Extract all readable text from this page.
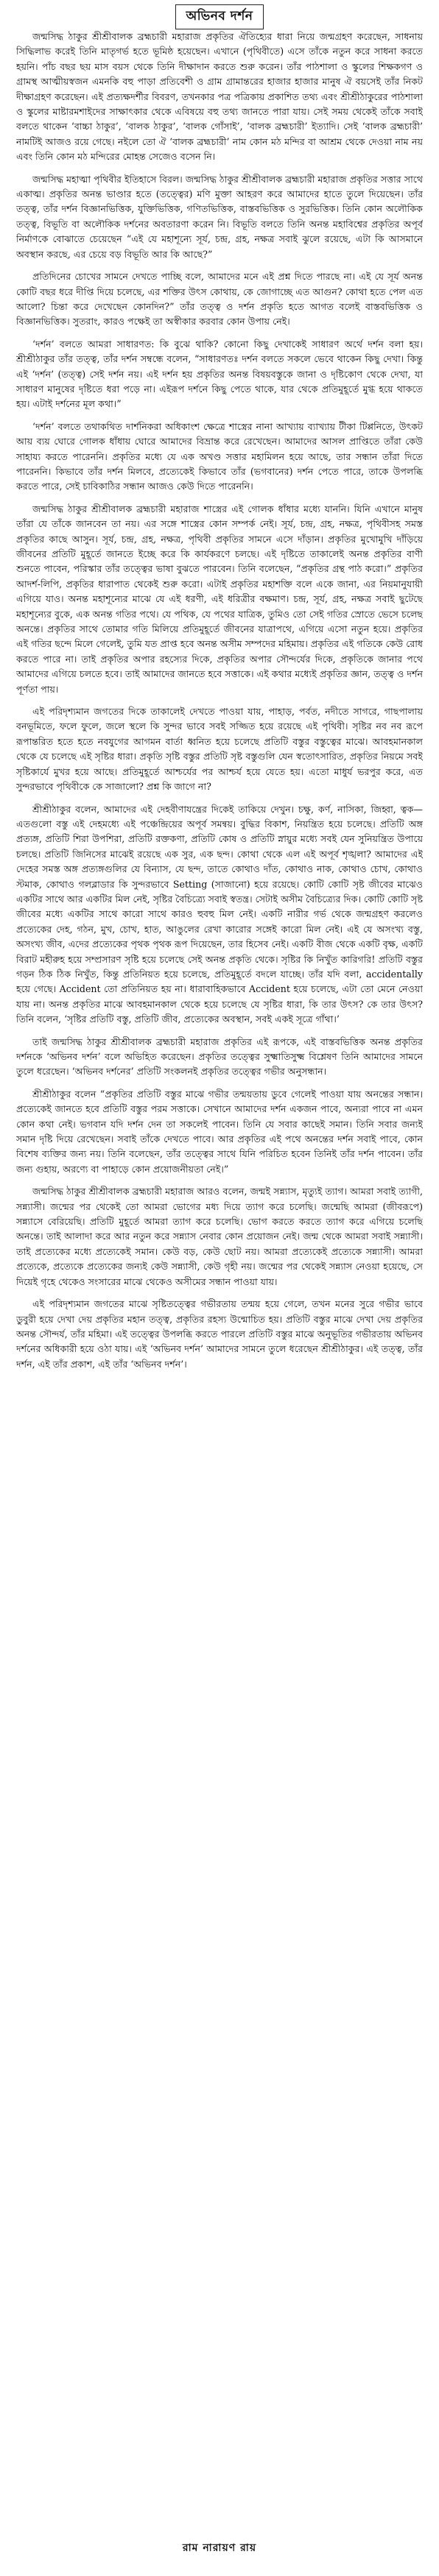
অভিনব দর্শন

জন্মসিদ্ধ ঠাকুর শ্রীশ্রীবালক ব্রহ্মচারী মহারাজ প্রকৃতির ঐতিহ্যের ধারা নিয়ে জন্মগ্রহণ করেছেন, সাধনায় সিদ্ধিলাভ করেই তিনি মাতৃগর্ভ হতে ভূমিষ্ঠ হয়েছেন। এখানে (পৃথিবীতে) এসে তাঁকে নতুন করে সাধনা করতে হয়নি। পাঁচ বছর ছয় মাস বয়স থেকে তিনি দীক্ষাদান করতে শুরু করেন। তাঁর পাঠশালা ও স্কুলের শিক্ষকগণ ও গ্রামস্থ আত্মীয়স্বজন এমনকি বহু পাড়া প্রতিবেশী ও গ্রাম গ্রামান্তরের হাজার হাজার মানুষ ঐ বয়সেই তাঁর নিকট দীক্ষাগ্রহণ করেছেন। এই প্রত্যক্ষদর্শীর বিবরণ, তখনকার পত্র পত্রিকায় প্রকাশিত তথ্য এবং শ্রীশ্রীঠাকুরের পাঠশালা ও স্কুলের মাষ্টারমশাইদের সাক্ষাৎকার থেকে এবিষয়ে বহু তথ্য জানতে পারা যায়। সেই সময় থেকেই তাঁকে সবাই বলতে থাকেন ‘বাচ্চা ঠাকুর’, ‘বালক ঠাকুর’, ‘বালক গোঁসাই’, ‘বালক ব্রহ্মচারী’ ইত্যাদি। সেই ‘বালক ব্রহ্মচারী’ নামটিই আজও রয়ে গেছে। নইলে তো ঐ ‘বালক ব্রহ্মচারী’ নাম কোন মঠ মন্দির বা আশ্রম থেকে দেওয়া নাম নয় এবং তিনি কোন মঠ মন্দিরের মোহন্ত সেজেও বসেন নি।

জন্মসিদ্ধ মহাত্মা পৃথিবীর ইতিহাসে বিরল। জন্মসিদ্ধ ঠাকুর শ্রীশ্রীবালক ব্রহ্মচারী মহারাজ প্রকৃতির সত্তার সাথে একাত্ম। প্রকৃতির অনন্ত ভাণ্ডার হতে (তত্ত্বের) মণি মুক্তা আহরণ করে আমাদের হাতে তুলে দিয়েছেন। তাঁর তত্ত্ব, তাঁর দর্শন বিজ্ঞানভিত্তিক, যুক্তিভিত্তিক, গণিতভিত্তিক, বাস্তবভিত্তিক ও সুরভিত্তিক। তিনি কোন অলৌকিক তত্ত্ব, বিভূতি বা অলৌকিক দর্শনের অবতারণা করেন নি। বিভূতি বলতে তিনি অনন্ত মহাবিশ্বের প্রকৃতির অপূর্ব নির্মাণকে বোঝাতে চেয়েছেন “এই যে মহাশূন্যে সূর্য, চন্দ্র, গ্রহ, নক্ষত্র সবাই ঝুলে রয়েছে, এটা কি আসমানে অবস্থান করছে, এর চেয়ে বড় বিভূতি আর কি আছে?”

প্রতিদিনের চোখের সামনে দেখতে পাচ্ছি বলে, আমাদের মনে এই প্রশ্ন দিতে পারছে না। এই যে সূর্য অনন্ত কোটি বছর ধরে দীপ্তি দিয়ে চলেছে, এর শক্তির উৎস কোথায়, কে জোগাচ্ছে এত আগুন? কোথা হতে পেল এত আলো? চিন্তা করে দেখেছেন কোনদিন?” তাঁর তত্ত্ব ও দর্শন প্রকৃতি হতে আগত বলেই বাস্তবভিত্তিক ও বিজ্ঞানভিত্তিক। সুতরাং, কারও পক্ষেই তা অস্বীকার করবার কোন উপায় নেই।

‘দর্শন’ বলতে আমরা সাধারণত: কি বুঝে থাকি? কোনো কিছু দেখাকেই সাধারণ অর্থে দর্শন বলা হয়। শ্রীশ্রীঠাকুর তাঁর তত্ত্ব, তাঁর দর্শন সম্বন্ধে বলেন, “সাধারণতঃ দর্শন বলতে সকলে ভেবে থাকেন কিছু দেখা। কিন্তু এই ‘দর্শন’ (তত্ত্ব) সেই দর্শন নয়। এই দর্শন হয় প্রকৃতির অনন্ত বিষয়বস্তুকে জানা ও দৃষ্টিকোণ থেকে দেখা, যা সাধারণ মানুষের দৃষ্টিতে ধরা পড়ে না। এইরূপ দর্শনে কিছু পেতে থাকে, যার থেকে প্রতিমুহূর্তে মুগ্ধ হয়ে থাকতে হয়। এটাই দর্শনের মূল কথা।”

‘দর্শন’ বলতে তথাকথিত দার্শনিকরা অধিকাংশ ক্ষেত্রে শাস্ত্রের নানা আখ্যায় ব্যাখ্যায় টীকা টিপ্পনিতে, উৎকট আয় ব্যয় ঘোরে গোলক ধাঁধায় ঘোরে আমাদের বিভ্রান্ত করে রেখেছেন। আমাদের আসল প্রাপ্তিতে তাঁরা কেউ সাহায্য করতে পারেননি। প্রকৃতির মধ্যে যে এক অখণ্ড সত্তার মহামিলন হয়ে আছে, তার সন্ধান তাঁরা দিতে পারেননি। কিভাবে তাঁর দর্শন মিলবে, প্রত্যেকেই কিভাবে তাঁর (ভগবানের) দর্শন পেতে পারে, তাকে উপলব্ধি করতে পারে, সেই চাবিকাঠির সন্ধান আজও কেউ দিতে পারেননি।

জন্মসিদ্ধ ঠাকুর শ্রীশ্রীবালক ব্রহ্মচারী মহারাজ শাস্ত্রের এই গোলক ধাঁধার মধ্যে যাননি। যিনি এখানে মানুষ তাঁরা যে তাঁকে জানবেন তা নয়। এর সঙ্গে শাস্ত্রের কোন সম্পর্ক নেই। সূর্য, চন্দ্র, গ্রহ, নক্ষত্র, পৃথিবীসহ সমস্ত প্রকৃতির কাছে আসুন। সূর্য, চন্দ্র, গ্রহ, নক্ষত্র, পৃথিবী প্রকৃতির সামনে এসে দাঁড়ান। প্রকৃতির মুখোমুখি দাঁড়িয়ে জীবনের প্রতিটি মুহূর্তে জানতে ইচ্ছে করে কি কার্যকরণে চলছে। এই দৃষ্টিতে তাকালেই অনন্ত প্রকৃতির বাণী শুনতে পাবেন, পরিস্কার তাঁর তত্ত্বের ভাষা বুঝতে পারবেন। তিনি বলেছেন, “প্রকৃতির গ্রন্থ পাঠ করো।” প্রকৃতির আদর্শ-লিপি, প্রকৃতির ধারাপাত থেকেই শুরু করো। এটাই প্রকৃতির মহাশক্তি বলে একে জানা, এর নিয়মানুযায়ী এগিয়ে যাও। অনন্ত মহাশূন্যের মাঝে যে এই ধরণী, এই ধরিত্রীর বক্ষমাণ। চন্দ্র, সূর্য, গ্রহ, নক্ষত্র সবাই ছুটেছে মহাশূন্যের বুকে, এক অনন্ত গতির পথে। যে পথিক, যে পথের যাত্রিক, তুমিও তো সেই গতির স্রোতে ভেসে চলেছ অনন্তে। প্রকৃতির সাথে তোমার গতি মিলিয়ে প্রতিমুহূর্তে জীবনের যাত্রাপথে, এগিয়ে এসো নতুন হয়ে। প্রকৃতির এই গতির ছন্দে মিলে গেলেই, তুমি যত প্রাপ্ত হবে অনন্ত অসীম সম্পদের মহিমায়। প্রকৃতির এই গতিকে কেউ রোধ করতে পারে না। তাই প্রকৃতির অপার রহস্যের দিকে, প্রকৃতির অপার সৌন্দর্যের দিকে, প্রকৃতিকে জানার পথে আমাদের এগিয়ে চলতে হবে। তাই আমাদের জানতে হবে সত্তাকে। এই কথার মধ্যেই প্রকৃতির জ্ঞান, তত্ত্ব ও দর্শন পূর্ণতা পায়।

এই পরিদৃশ্যমান জগতের দিকে তাকালেই দেখতে পাওয়া যায়, পাহাড়, পর্বত, নদীতে সাগরে, গাছপালায় বনভূমিতে, ফলে ফুলে, জলে স্থলে কি সুন্দর ভাবে সবই সজ্জিত হয়ে রয়েছে এই পৃথিবী। সৃষ্টির নব নব রূপে রূপান্তরিত হতে হতে নবযুগের আগমন বার্তা ধ্বনিত হয়ে চলেছে প্রতিটি বস্তুর বস্তুত্বের মাঝে। আবহমানকাল থেকে যে চলেছে এই সৃষ্টির ধারা। প্রকৃতি সৃষ্টি বস্তুর প্রতিটি সৃষ্ট বস্তুগুলি যেন স্বতোৎসারিত, প্রকৃতির নিয়মে সবই সৃষ্টিকার্যে মুখর হয়ে আছে। প্রতিমুহূর্তে আশ্চর্যের পর আশ্চর্য হয়ে যেতে হয়। এতো মাধুর্য ভরপুর করে, এত সুন্দরভাবে পৃথিবীকে কে সাজালো? প্রশ্ন কি জাগে না?

শ্রীশ্রীঠাকুর বলেন, আমাদের এই দেহবীণাযন্ত্রের দিকেই তাকিয়ে দেখুন। চক্ষু, কর্ণ, নাসিকা, জিহ্বা, ত্বক—এতগুলো বস্তু এই দেহমধ্যে এই পঞ্চেন্দ্রিয়ের অপূর্ব সমন্বয়। বুদ্ধির বিকাশ, নিয়ন্ত্রিত হয়ে চলেছে। প্রতিটি অঙ্গ প্রত্যঙ্গ, প্রতিটি শিরা উপশিরা, প্রতিটি রক্তকণা, প্রতিটি কোষ ও প্রতিটি স্নায়ুর মধ্যে সবই যেন সুনিয়ন্ত্রিত উপায়ে চলছে। প্রতিটি জিনিসের মাঝেই রয়েছে এক সুর, এক ছন্দ। কোথা থেকে এল এই অপূর্ব শৃঙ্খলা? আমাদের এই দেহের সমস্ত অঙ্গ প্রত্যঙ্গগুলির যে বিন্যাস, যে ছন্দ, তাতে কোথাও দাঁত, কোথাও নাক, কোথাও চোখ, কোথাও স্টমাক, কোথাও গলব্লাডার কি সুন্দরভাবে Setting (সাজানো) হয়ে রয়েছে। কোটি কোটি সৃষ্ট জীবের মাঝেও একটির সাথে আর একটির মিল নেই, সৃষ্টির বৈচিত্র্যে সবাই স্বতন্ত্র। সেটাই অসীম বৈচিত্র্যের দিক। কোটি কোটি সৃষ্ট জীবের মধ্যে একটির সাথে কারো সাথে কারও হুবহু মিল নেই। একটি নারীর গর্ভ থেকে জন্মগ্রহণ করলেও প্রত্যেকের দেহ, গঠন, মুখ, চোখ, হাত, আঙুলের রেখা কারোর সঙ্গেই কারো মিল নেই। এই যে অসংখ্য বস্তু, অসংখ্য জীব, এদের প্রত্যেকের পৃথক পৃথক রূপ দিয়েছেন, তার হিসেব নেই। একটি বীজ থেকে একটি বৃক্ষ, একটি বিরাট মহীরুহ হয়ে সম্প্রসারণ সৃষ্টি হয়ে চলেছে সেই অনন্ত প্রকৃতি থেকে। সৃষ্টির কি নিখুঁত কারিগরি! প্রতিটি বস্তুর গড়ন ঠিক ঠিক নিখুঁত, কিন্তু প্রতিনিয়ত হয়ে চলেছে, প্রতিমুহূর্তে বদলে যাচ্ছে। তাঁর যদি বলা, accidentally হয়ে গেছে। Accident তো প্রতিনিয়ত হয় না। ধারাবাহিকভাবে Accident হয়ে চলেছে, এটা তো মেনে নেওয়া যায় না। অনন্ত প্রকৃতির মাঝে আবহমানকাল থেকে হয়ে চলেছে যে সৃষ্টির ধারা, কি তার উৎস? কে তার উৎস? তিনি বলেন, ‘সৃষ্টির প্রতিটি বস্তু, প্রতিটি জীব, প্রত্যেকের অবস্থান, সবই একই সূত্রে গাঁথা।’

তাই জন্মসিদ্ধ ঠাকুর শ্রীশ্রীবালক ব্রহ্মচারী মহারাজ প্রকৃতির এই রূপকে, এই বাস্তবভিত্তিক অনন্ত প্রকৃতির দর্শনকে ‘অভিনব দর্শন’ বলে অভিহিত করেছেন। প্রকৃতির তত্ত্বের সুক্ষ্মাতিসুক্ষ্ম বিশ্লেষণ তিনি আমাদের সামনে তুলে ধরেছেন। ‘অভিনব দর্শনের’ প্রতিটি সংকলনই প্রকৃতির তত্ত্বের গভীর অনুসন্ধান।

শ্রীশ্রীঠাকুর বলেন “প্রকৃতির প্রতিটি বস্তুর মাঝে গভীর তন্ময়তায় ডুবে গেলেই পাওয়া যায় অনন্তের সন্ধান। প্রত্যেকেই জানতে হবে প্রতিটি বস্তুর পরম সত্তাকে। সেখানে আমাদের দর্শন একজন পাবে, অন্যরা পাবে না এমন কোন কথা নেই। ভগবান যদি দর্শন দেন তা সকলেই পাবেন। তিনি যে সবার কাছেই সমান। তিনি সবার জন্যই সমান দৃষ্টি দিয়ে রেখেছেন। সবাই তাঁকে দেখতে পাবে। আর প্রকৃতির এই পথে অনন্তের দর্শন সবাই পাবে, কোন বিশেষ ব্যক্তির জন্য নয়। তিনি বলেছেন, তাঁর তত্ত্বের সাথে যিনি পরিচিত হবেন তিনিই তাঁর দর্শন পাবেন। তাঁর জন্য গুহায়, অরণ্যে বা পাহাড়ে কোন প্রয়োজনীয়তা নেই।”

জন্মসিদ্ধ ঠাকুর শ্রীশ্রীবালক ব্রহ্মচারী মহারাজ আরও বলেন, জন্মই সন্ন্যাস, মৃত্যুই ত্যাগ। আমরা সবাই ত্যাগী, সন্ন্যাসী। জন্মের পর থেকেই তো আমরা ভোগের মধ্য দিয়ে ত্যাগ করে চলেছি। জন্মেছি আমরা (জীবরূপে) সন্ন্যাসে বেরিয়েছি। প্রতিটি মুহূর্তে আমরা ত্যাগ করে চলেছি। ভোগ করতে করতে ত্যাগ করে এগিয়ে চলেছি অনন্তে। তাই আলাদা করে আর নতুন করে সন্ন্যাস নেবার কোন প্রয়োজন নেই। জন্ম থেকে আমরা সবাই সন্ন্যাসী। তাই প্রত্যেকের মধ্যে প্রত্যেকেই সমান। কেউ বড়, কেউ ছোট নয়। আমরা প্রত্যেকেই প্রত্যেকে সন্ন্যাসী। আমরা প্রত্যেকে, প্রত্যেকে প্রত্যেকের জন্যই কেউ সন্ন্যাসী, কেউ গৃহী নয়। জন্মের পর থেকেই সন্ন্যাস নেওয়া হয়েছে, সে দিয়েই গৃহে থেকেও সংসারের মাঝে থেকেও অসীমের সন্ধান পাওয়া যায়।

এই পরিদৃশ্যমান জগতের মাঝে সৃষ্টিতত্ত্বের গভীরতায় তন্ময় হয়ে গেলে, তখন মনের সুরে গভীর ভাবে ডুবুরী হয়ে দেখা দেয় প্রকৃতির মহান তত্ত্ব, প্রকৃতির রহস্য উন্মোচিত হয়। প্রতিটি বস্তুর মাঝে দেখা দেয় প্রকৃতির অনন্ত সৌন্দর্য, তাঁর মহিমা। এই তত্ত্বের উপলব্ধি করতে পারলে প্রতিটি বস্তুর মাঝে অনুভূতির গভীরতায় অভিনব দর্শনের অধিকারী হয়ে ওঠা যায়। এই ‘অভিনব দর্শন’ আমাদের সামনে তুলে ধরেছেন শ্রীশ্রীঠাকুর। এই তত্ত্ব, তাঁর দর্শন, এই তাঁর প্রকাশ, এই তাঁর ‘অভিনব দর্শন’।

রাম নারায়ণ রায়
